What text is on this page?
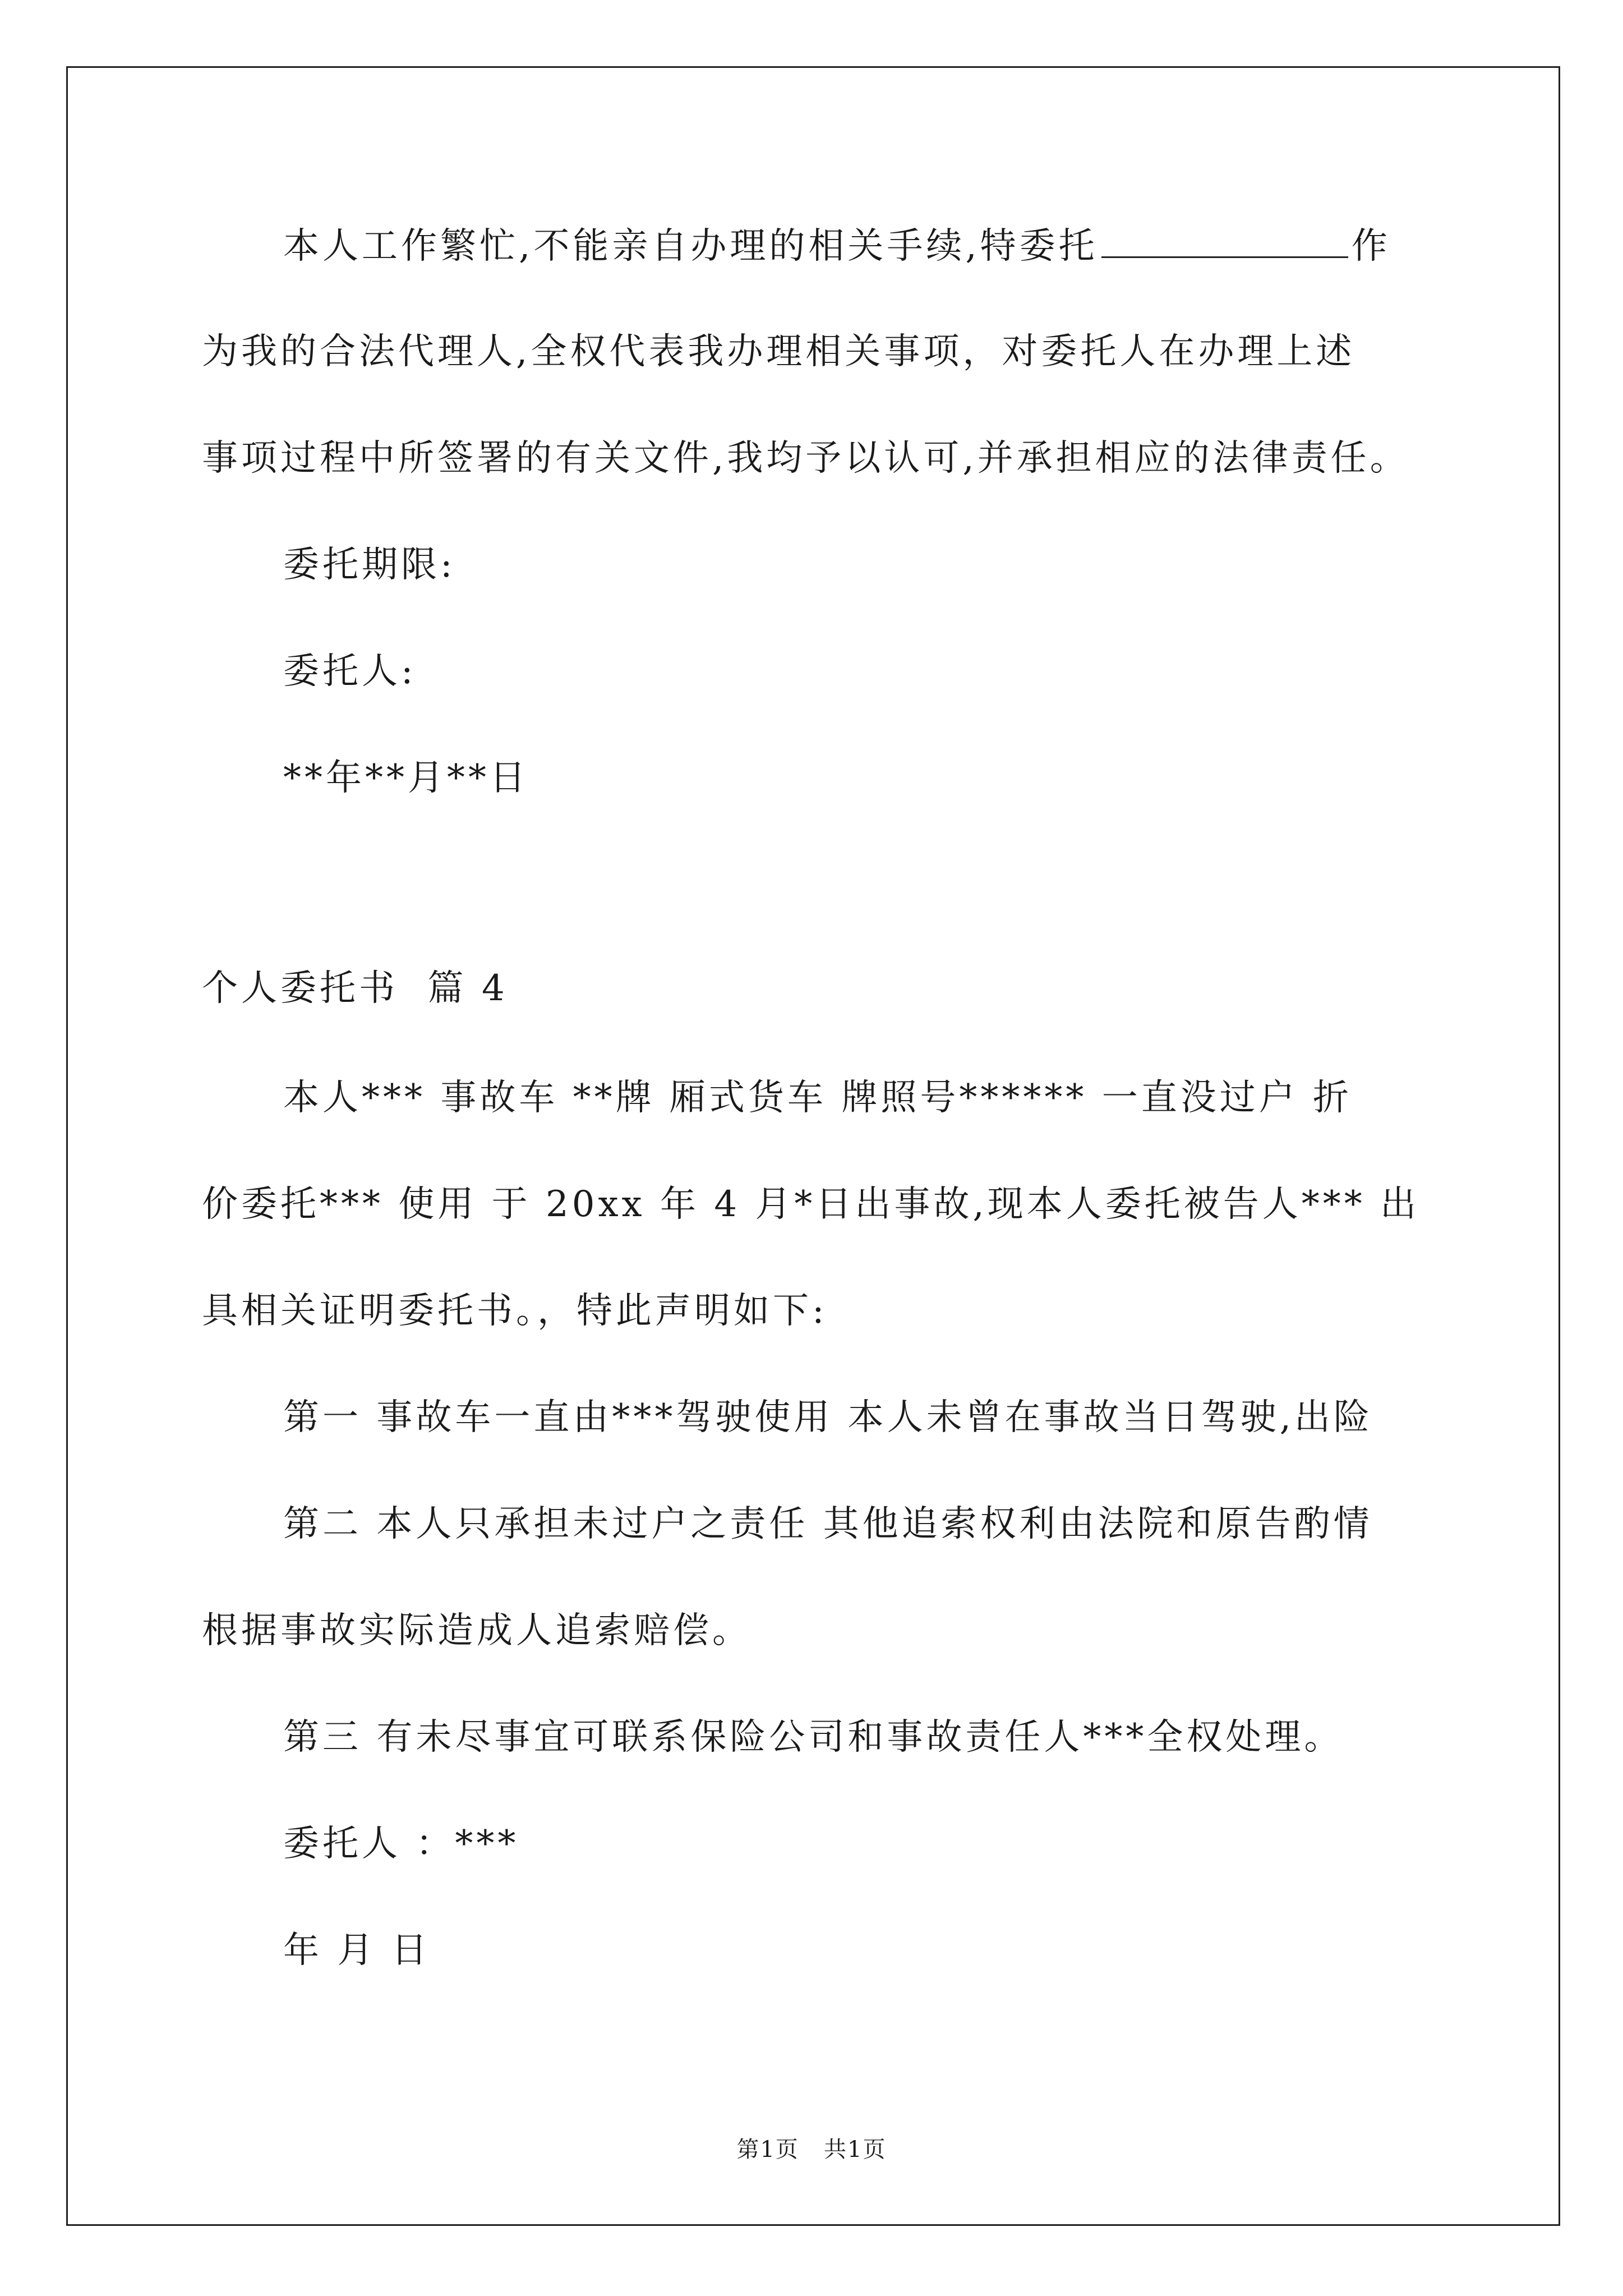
本人工作繁忙,不能亲自办理的相关手续,特委托	作
为我的合法代理人,全权代表我办理相关事项，对委托人在办理上述
事项过程中所签署的有关文件,我均予以认可,并承担相应的法律责任。
委托期限:
委托人:
**年**月**日
个人委托书  篇 4
本人*** 事故车 **牌 厢式货车 牌照号****** 一直没过户 折
价委托*** 使用 于 20xx 年 4 月*日出事故,现本人委托被告人*** 出
具相关证明委托书。，特此声明如下:
第一 事故车一直由***驾驶使用 本人未曾在事故当日驾驶,出险
第二 本人只承担未过户之责任 其他追索权利由法院和原告酌情
根据事故实际造成人追索赔偿。
第三 有未尽事宜可联系保险公司和事故责任人***全权处理。
委托人 ：***
年 月 日
第1页   共1页
